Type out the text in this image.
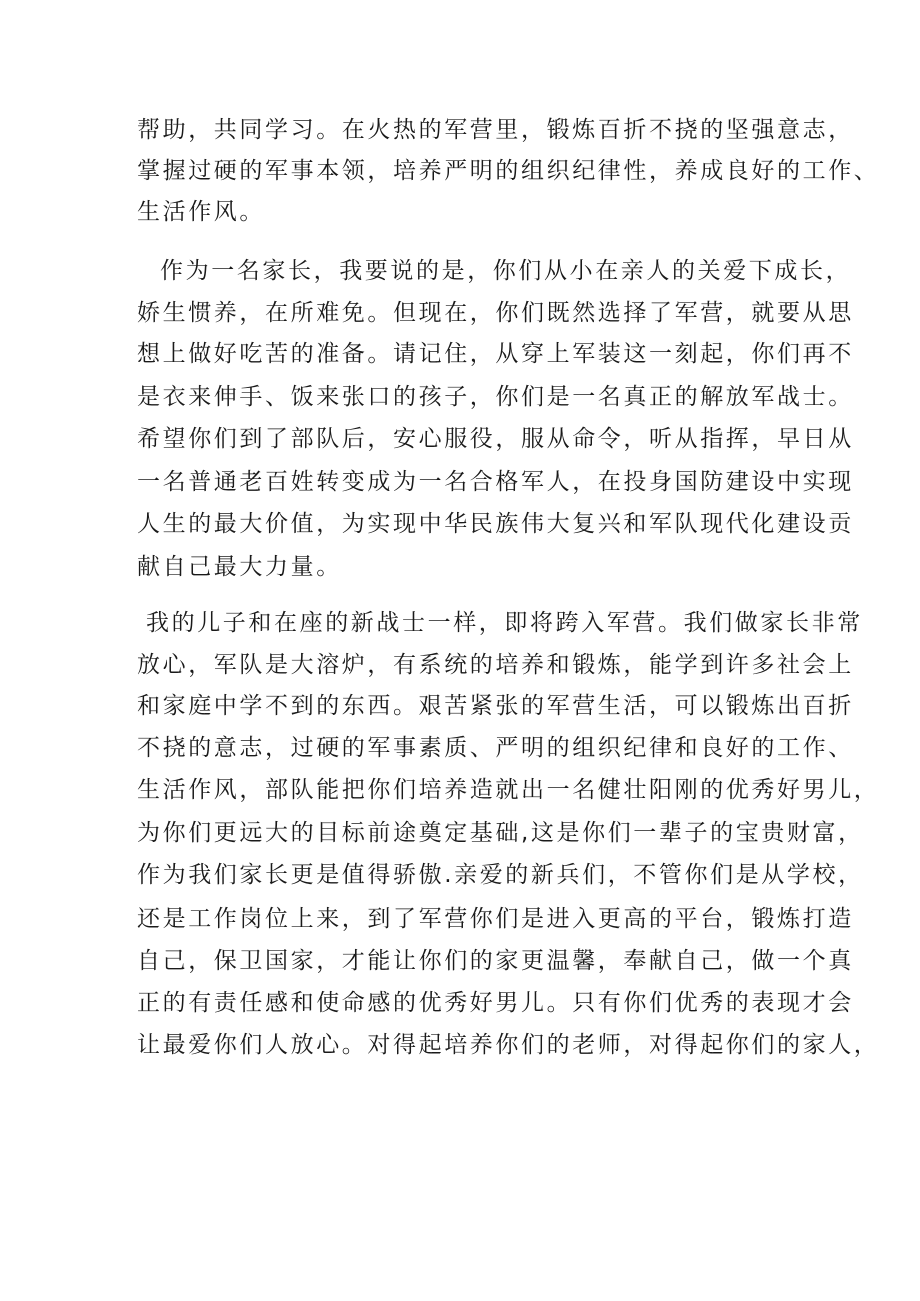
帮助，共同学习。在火热的军营里，锻炼百折不挠的坚强意志，
掌握过硬的军事本领，培养严明的组织纪律性，养成良好的工作、
生活作风。
作为一名家长，我要说的是，你们从小在亲人的关爱下成长，
娇生惯养，在所难免。但现在，你们既然选择了军营，就要从思
想上做好吃苦的准备。请记住，从穿上军装这一刻起，你们再不
是衣来伸手、饭来张口的孩子，你们是一名真正的解放军战士。
希望你们到了部队后，安心服役，服从命令，听从指挥，早日从
一名普通老百姓转变成为一名合格军人，在投身国防建设中实现
人生的最大价值，为实现中华民族伟大复兴和军队现代化建设贡
献自己最大力量。
我的儿子和在座的新战士一样，即将跨入军营。我们做家长非常
放心，军队是大溶炉，有系统的培养和锻炼，能学到许多社会上
和家庭中学不到的东西。艰苦紧张的军营生活，可以锻炼出百折
不挠的意志，过硬的军事素质、严明的组织纪律和良好的工作、
生活作风，部队能把你们培养造就出一名健壮阳刚的优秀好男儿，
为你们更远大的目标前途奠定基础,这是你们一辈子的宝贵财富，
作为我们家长更是值得骄傲.亲爱的新兵们，不管你们是从学校，
还是工作岗位上来，到了军营你们是进入更高的平台，锻炼打造
自己，保卫国家，才能让你们的家更温馨，奉献自己，做一个真
正的有责任感和使命感的优秀好男儿。只有你们优秀的表现才会
让最爱你们人放心。对得起培养你们的老师，对得起你们的家人，
